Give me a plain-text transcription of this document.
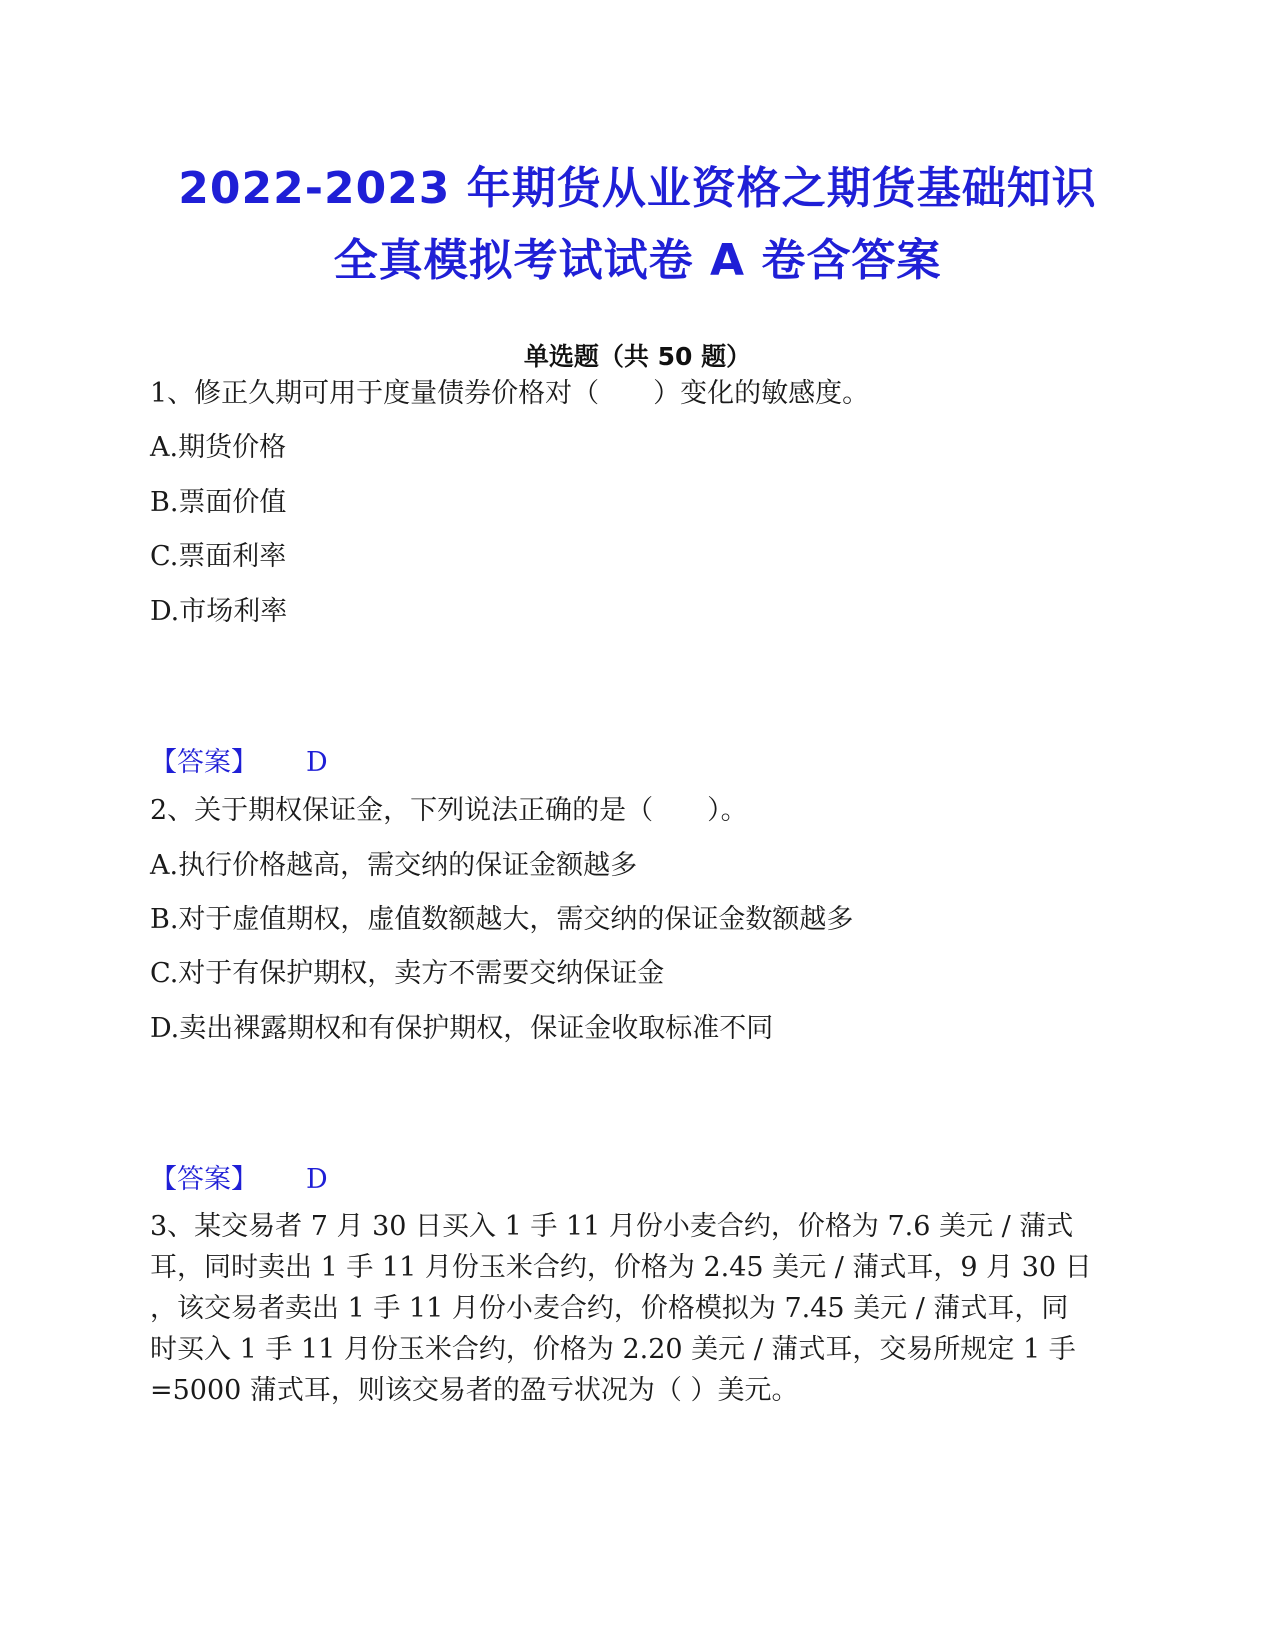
2022-2023 年期货从业资格之期货基础知识
全真模拟考试试卷 A 卷含答案
单选题（共 50 题）
1、修正久期可用于度量债券价格对（　　）变化的敏感度。
A.期货价格
B.票面价值
C.票面利率
D.市场利率
【答案】 D
2、关于期权保证金，下列说法正确的是（　　）。
A.执行价格越高，需交纳的保证金额越多
B.对于虚值期权，虚值数额越大，需交纳的保证金数额越多
C.对于有保护期权，卖方不需要交纳保证金
D.卖出裸露期权和有保护期权，保证金收取标准不同
【答案】 D
3、某交易者 7 月 30 日买入 1 手 11 月份小麦合约，价格为 7.6 美元 / 蒲式
耳，同时卖出 1 手 11 月份玉米合约，价格为 2.45 美元 / 蒲式耳，9 月 30 日
，该交易者卖出 1 手 11 月份小麦合约，价格模拟为 7.45 美元 / 蒲式耳，同
时买入 1 手 11 月份玉米合约，价格为 2.20 美元 / 蒲式耳，交易所规定 1 手
=5000 蒲式耳，则该交易者的盈亏状况为（ ）美元。
